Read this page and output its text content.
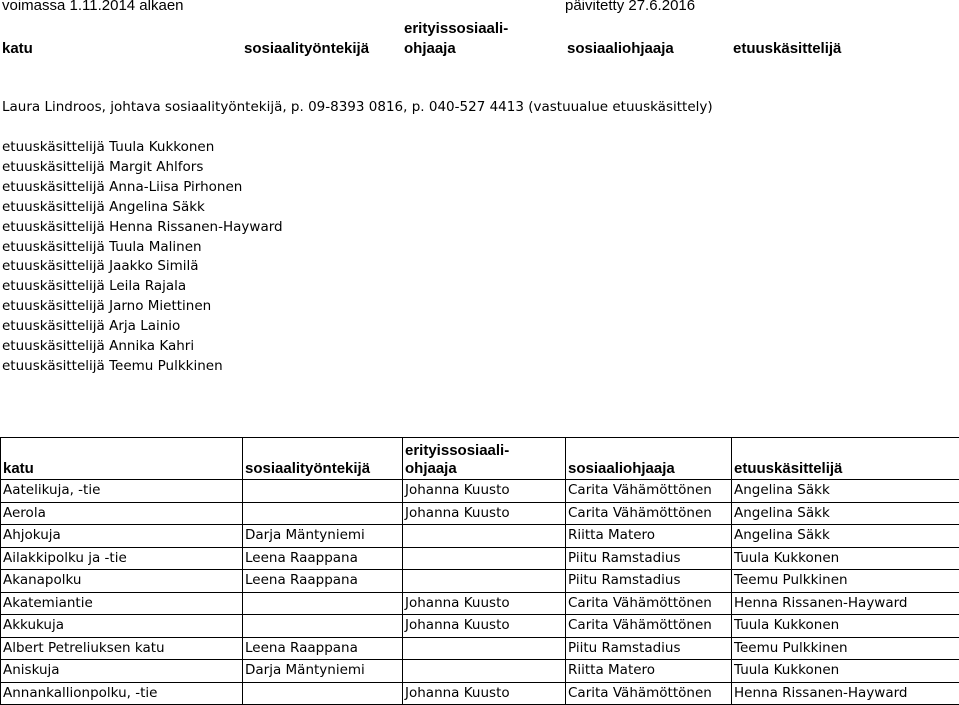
voimassa 1.11.2014 alkaen	päivitetty 27.6.2016
katu	sosiaalityöntekijä
erityissosiaali-
ohjaaja	sosiaaliohjaaja	etuuskäsittelijä
Laura Lindroos, johtava sosiaalityöntekijä, p. 09-8393 0816, p. 040-527 4413 (vastuualue etuuskäsittely)
etuuskäsittelijä Tuula Kukkonen
etuuskäsittelijä Margit Ahlfors
etuuskäsittelijä Anna-Liisa Pirhonen
etuuskäsittelijä Angelina Säkk
etuuskäsittelijä Henna Rissanen-Hayward
etuuskäsittelijä Tuula Malinen
etuuskäsittelijä Jaakko Similä
etuuskäsittelijä Leila Rajala
etuuskäsittelijä Jarno Miettinen
etuuskäsittelijä Arja Lainio
etuuskäsittelijä Annika Kahri
etuuskäsittelijä Teemu Pulkkinen
katu	sosiaalityöntekijä	erityissosiaali-
ohjaaja	sosiaaliohjaaja	etuuskäsittelijä
Aatelikuja, -tie		Johanna Kuusto	Carita Vähämöttönen	Angelina Säkk
Aerola		Johanna Kuusto	Carita Vähämöttönen	Angelina Säkk
Ahjokuja	Darja Mäntyniemi		Riitta Matero	Angelina Säkk
Ailakkipolku ja -tie	Leena Raappana		Piitu Ramstadius	Tuula Kukkonen
Akanapolku	Leena Raappana		Piitu Ramstadius	Teemu Pulkkinen
Akatemiantie		Johanna Kuusto	Carita Vähämöttönen	Henna Rissanen-Hayward
Akkukuja		Johanna Kuusto	Carita Vähämöttönen	Tuula Kukkonen
Albert Petreliuksen katu	Leena Raappana		Piitu Ramstadius	Teemu Pulkkinen
Aniskuja	Darja Mäntyniemi		Riitta Matero	Tuula Kukkonen
Annankallionpolku, -tie		Johanna Kuusto	Carita Vähämöttönen	Henna Rissanen-Hayward
